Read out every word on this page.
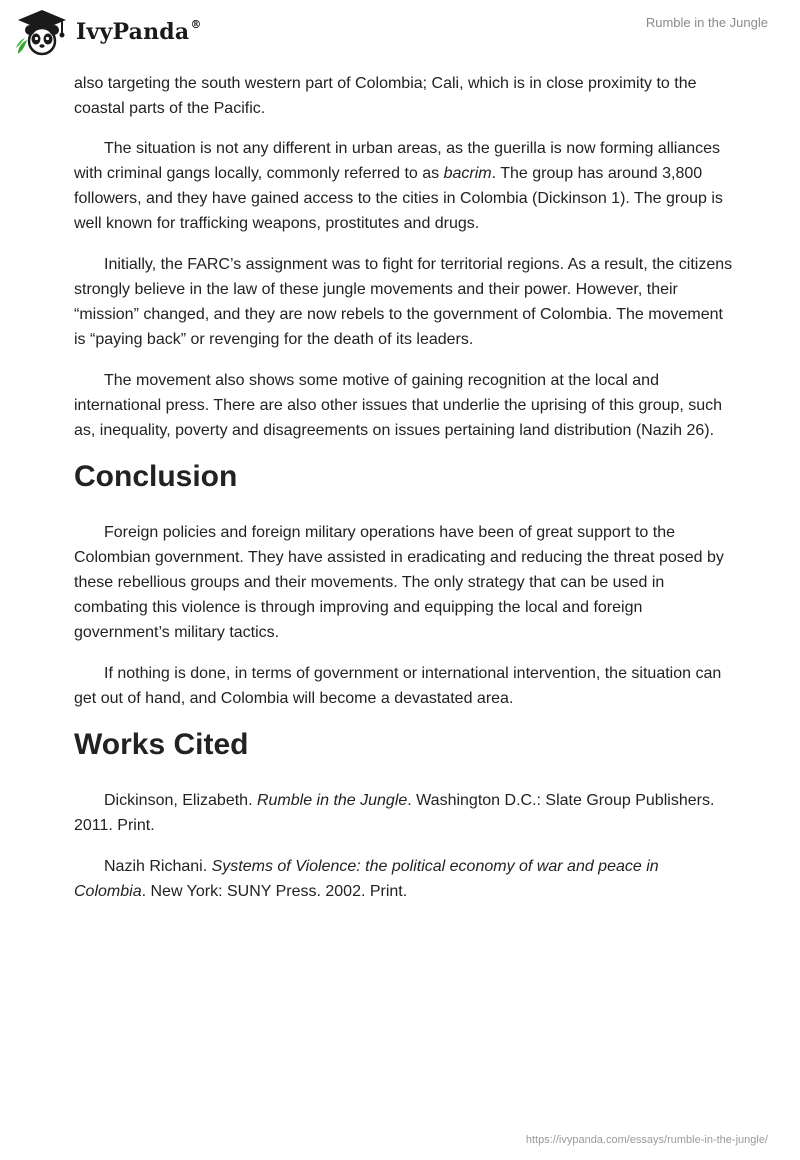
IvyPanda®	Rumble in the Jungle

also targeting the south western part of Colombia; Cali, which is in close proximity to the coastal parts of the Pacific.

The situation is not any different in urban areas, as the guerilla is now forming alliances with criminal gangs locally, commonly referred to as bacrim. The group has around 3,800 followers, and they have gained access to the cities in Colombia (Dickinson 1). The group is well known for trafficking weapons, prostitutes and drugs.

Initially, the FARC’s assignment was to fight for territorial regions. As a result, the citizens strongly believe in the law of these jungle movements and their power. However, their “mission” changed, and they are now rebels to the government of Colombia. The movement is “paying back” or revenging for the death of its leaders.

The movement also shows some motive of gaining recognition at the local and international press. There are also other issues that underlie the uprising of this group, such as, inequality, poverty and disagreements on issues pertaining land distribution (Nazih 26).

Conclusion

Foreign policies and foreign military operations have been of great support to the Colombian government. They have assisted in eradicating and reducing the threat posed by these rebellious groups and their movements. The only strategy that can be used in combating this violence is through improving and equipping the local and foreign government’s military tactics.

If nothing is done, in terms of government or international intervention, the situation can get out of hand, and Colombia will become a devastated area.

Works Cited

Dickinson, Elizabeth. Rumble in the Jungle. Washington D.C.: Slate Group Publishers. 2011. Print.

Nazih Richani. Systems of Violence: the political economy of war and peace in Colombia. New York: SUNY Press. 2002. Print.

https://ivypanda.com/essays/rumble-in-the-jungle/
